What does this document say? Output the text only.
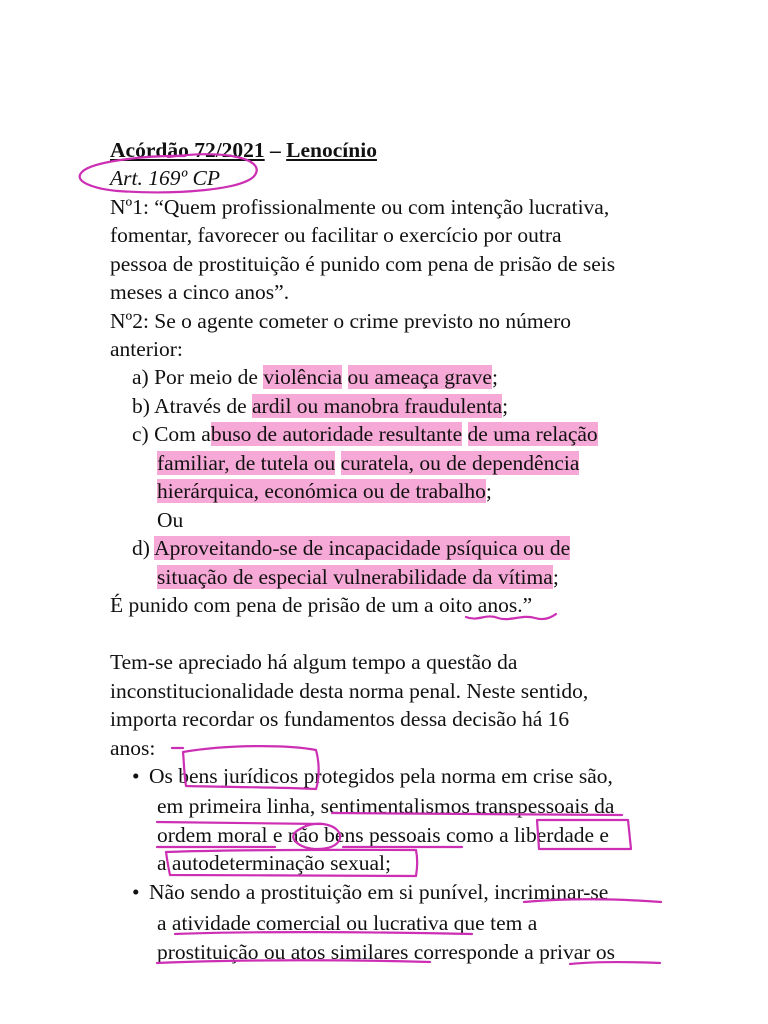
Acórdão 72/2021 – Lenocínio
Art. 169º CP
Nº1: “Quem profissionalmente ou com intenção lucrativa,
fomentar, favorecer ou facilitar o exercício por outra
pessoa de prostituição é punido com pena de prisão de seis
meses a cinco anos”.
Nº2: Se o agente cometer o crime previsto no número
anterior:
a) Por meio de violência ou ameaça grave;
b) Através de ardil ou manobra fraudulenta;
c) Com abuso de autoridade resultante de uma relação
familiar, de tutela ou curatela, ou de dependência
hierárquica, económica ou de trabalho;
Ou
d) Aproveitando-se de incapacidade psíquica ou de
situação de especial vulnerabilidade da vítima;
É punido com pena de prisão de um a oito anos.”
Tem-se apreciado há algum tempo a questão da
inconstitucionalidade desta norma penal. Neste sentido,
importa recordar os fundamentos dessa decisão há 16
anos:
• Os bens jurídicos protegidos pela norma em crise são,
em primeira linha, sentimentalismos transpessoais da
ordem moral e não bens pessoais como a liberdade e
a autodeterminação sexual;
• Não sendo a prostituição em si punível, incriminar-se
a atividade comercial ou lucrativa que tem a
prostituição ou atos similares corresponde a privar os
